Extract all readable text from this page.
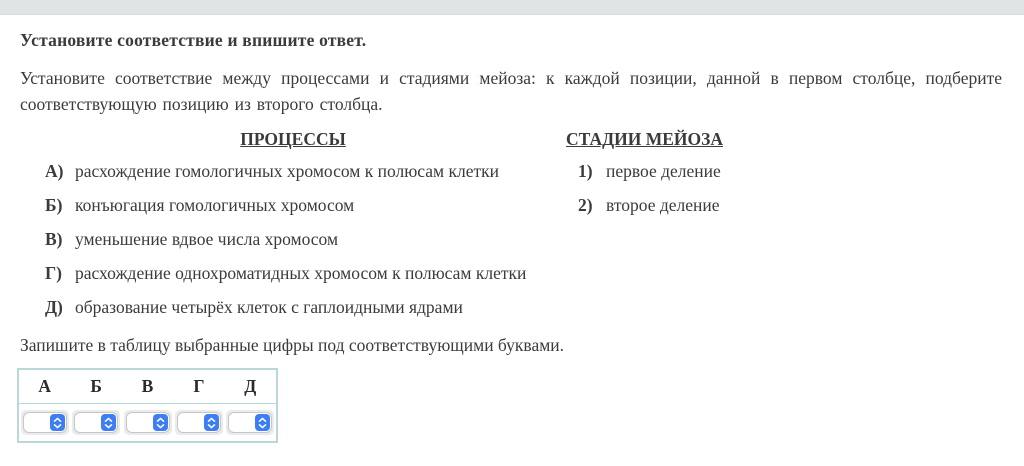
Установите соответствие и впишите ответ.
Установите соответствие между процессами и стадиями мейоза: к каждой позиции, данной в первом столбце, подберите соответствующую позицию из второго столбца.
ПРОЦЕССЫ
А) расхождение гомологичных хромосом к полюсам клетки
Б) конъюгация гомологичных хромосом
В) уменьшение вдвое числа хромосом
Г) расхождение однохроматидных хромосом к полюсам клетки
Д) образование четырёх клеток с гаплоидными ядрами
СТАДИИ МЕЙОЗА
1) первое деление
2) второе деление
Запишите в таблицу выбранные цифры под соответствующими буквами.
А	Б	В	Г	Д
